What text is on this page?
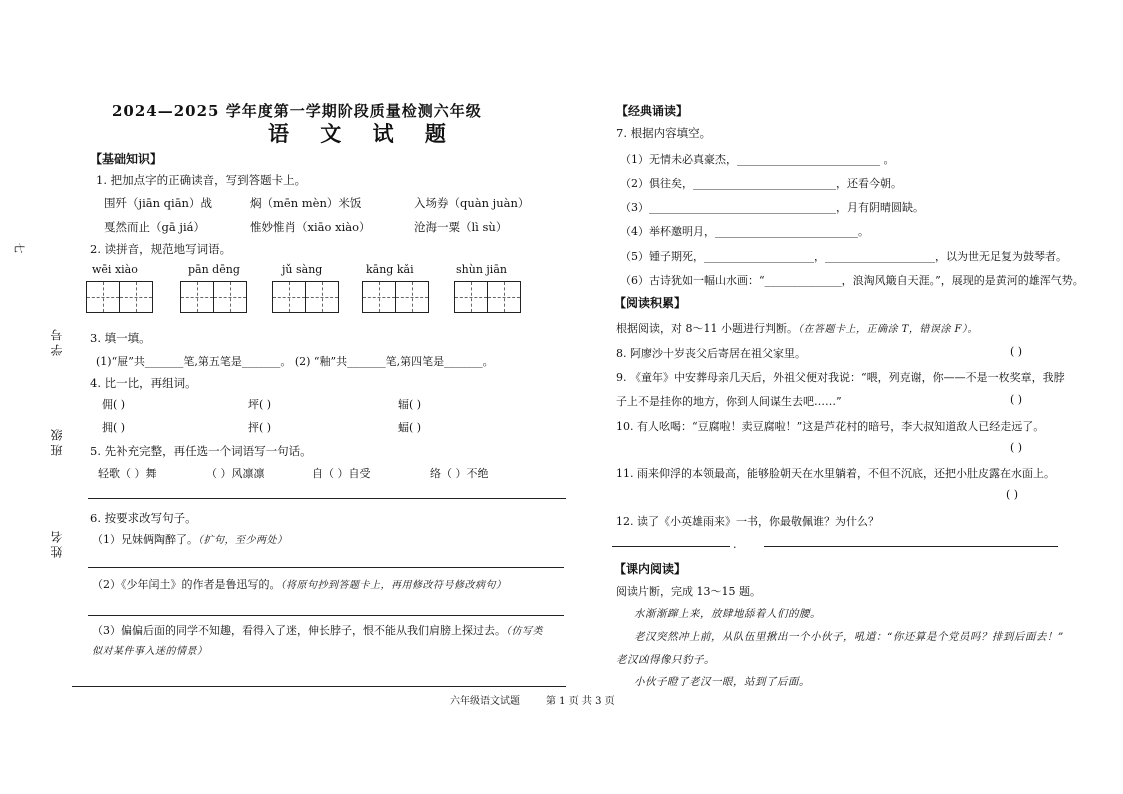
七
学号
班级
姓名
2024—2025 学年度第一学期阶段质量检测六年级
语 文 试 题
【基础知识】
1. 把加点字的正确读音，写到答题卡上。
围歼（jiān qiān）战	焖（mēn mèn）米饭	入场券（quàn juàn）
戛然而止（gā jiá）	惟妙惟肖（xiāo xiào）	沧海一粟（lì sù）
2. 读拼音，规范地写词语。
wēi xiào	pān dēng	jǔ sàng	kāng kǎi	shùn jiān
3. 填一填。
(1)“屉”共_______笔,第五笔是_______。 (2) “釉”共_______笔,第四笔是_______。
4. 比一比，再组词。
佣( )	坪( )	辐( )
拥( )	抨( )	蝠( )
5. 先补充完整，再任选一个词语写一句话。
轻歌（ ）舞	（ ）风凛凛	自（ ）自受	络（ ）不绝
6. 按要求改写句子。
（1）兄妹俩陶醉了。（扩句，至少两处）
（2）《少年闰土》的作者是鲁迅写的。（将原句抄到答题卡上，再用修改符号修改病句）
（3）偏偏后面的同学不知趣，看得入了迷，伸长脖子，恨不能从我们肩膀上探过去。（仿写类
似对某件事入迷的情景）
【经典诵读】
7. 根据内容填空。
（1）无情未必真豪杰，__________________________ 。
（2）俱往矣，__________________________，还看今朝。
（3）__________________________________，月有阴晴圆缺。
（4）举杯邀明月，__________________________。
（5）锺子期死，____________________，____________________，以为世无足复为鼓琴者。
（6）古诗犹如一幅山水画：“______________，浪淘风簸自天涯。”，展现的是黄河的雄浑气势。
【阅读积累】
根据阅读，对 8～11 小题进行判断。（在答题卡上，正确涂 T，错误涂 F）。
8. 阿廖沙十岁丧父后寄居在祖父家里。	( )
9. 《童年》中安葬母亲几天后，外祖父便对我说：“喂，列克谢，你——不是一枚奖章，我脖
子上不是挂你的地方，你到人间谋生去吧……”	( )
10. 有人吆喝：“豆腐啦！卖豆腐啦！”这是芦花村的暗号，李大叔知道敌人已经走远了。
( )
11. 雨来仰浮的本领最高，能够脸朝天在水里躺着，不但不沉底，还把小肚皮露在水面上。
( )
12. 读了《小英雄雨来》一书，你最敬佩谁？为什么？
.
【课内阅读】
阅读片断，完成 13～15 题。
水渐渐蹿上来，放肆地舔着人们的腰。
老汉突然冲上前，从队伍里揪出一个小伙子，吼道：“你还算是个党员吗？排到后面去！”
老汉凶得像只豹子。
小伙子瞪了老汉一眼，站到了后面。
六年级语文试题	第 1 页 共 3 页
